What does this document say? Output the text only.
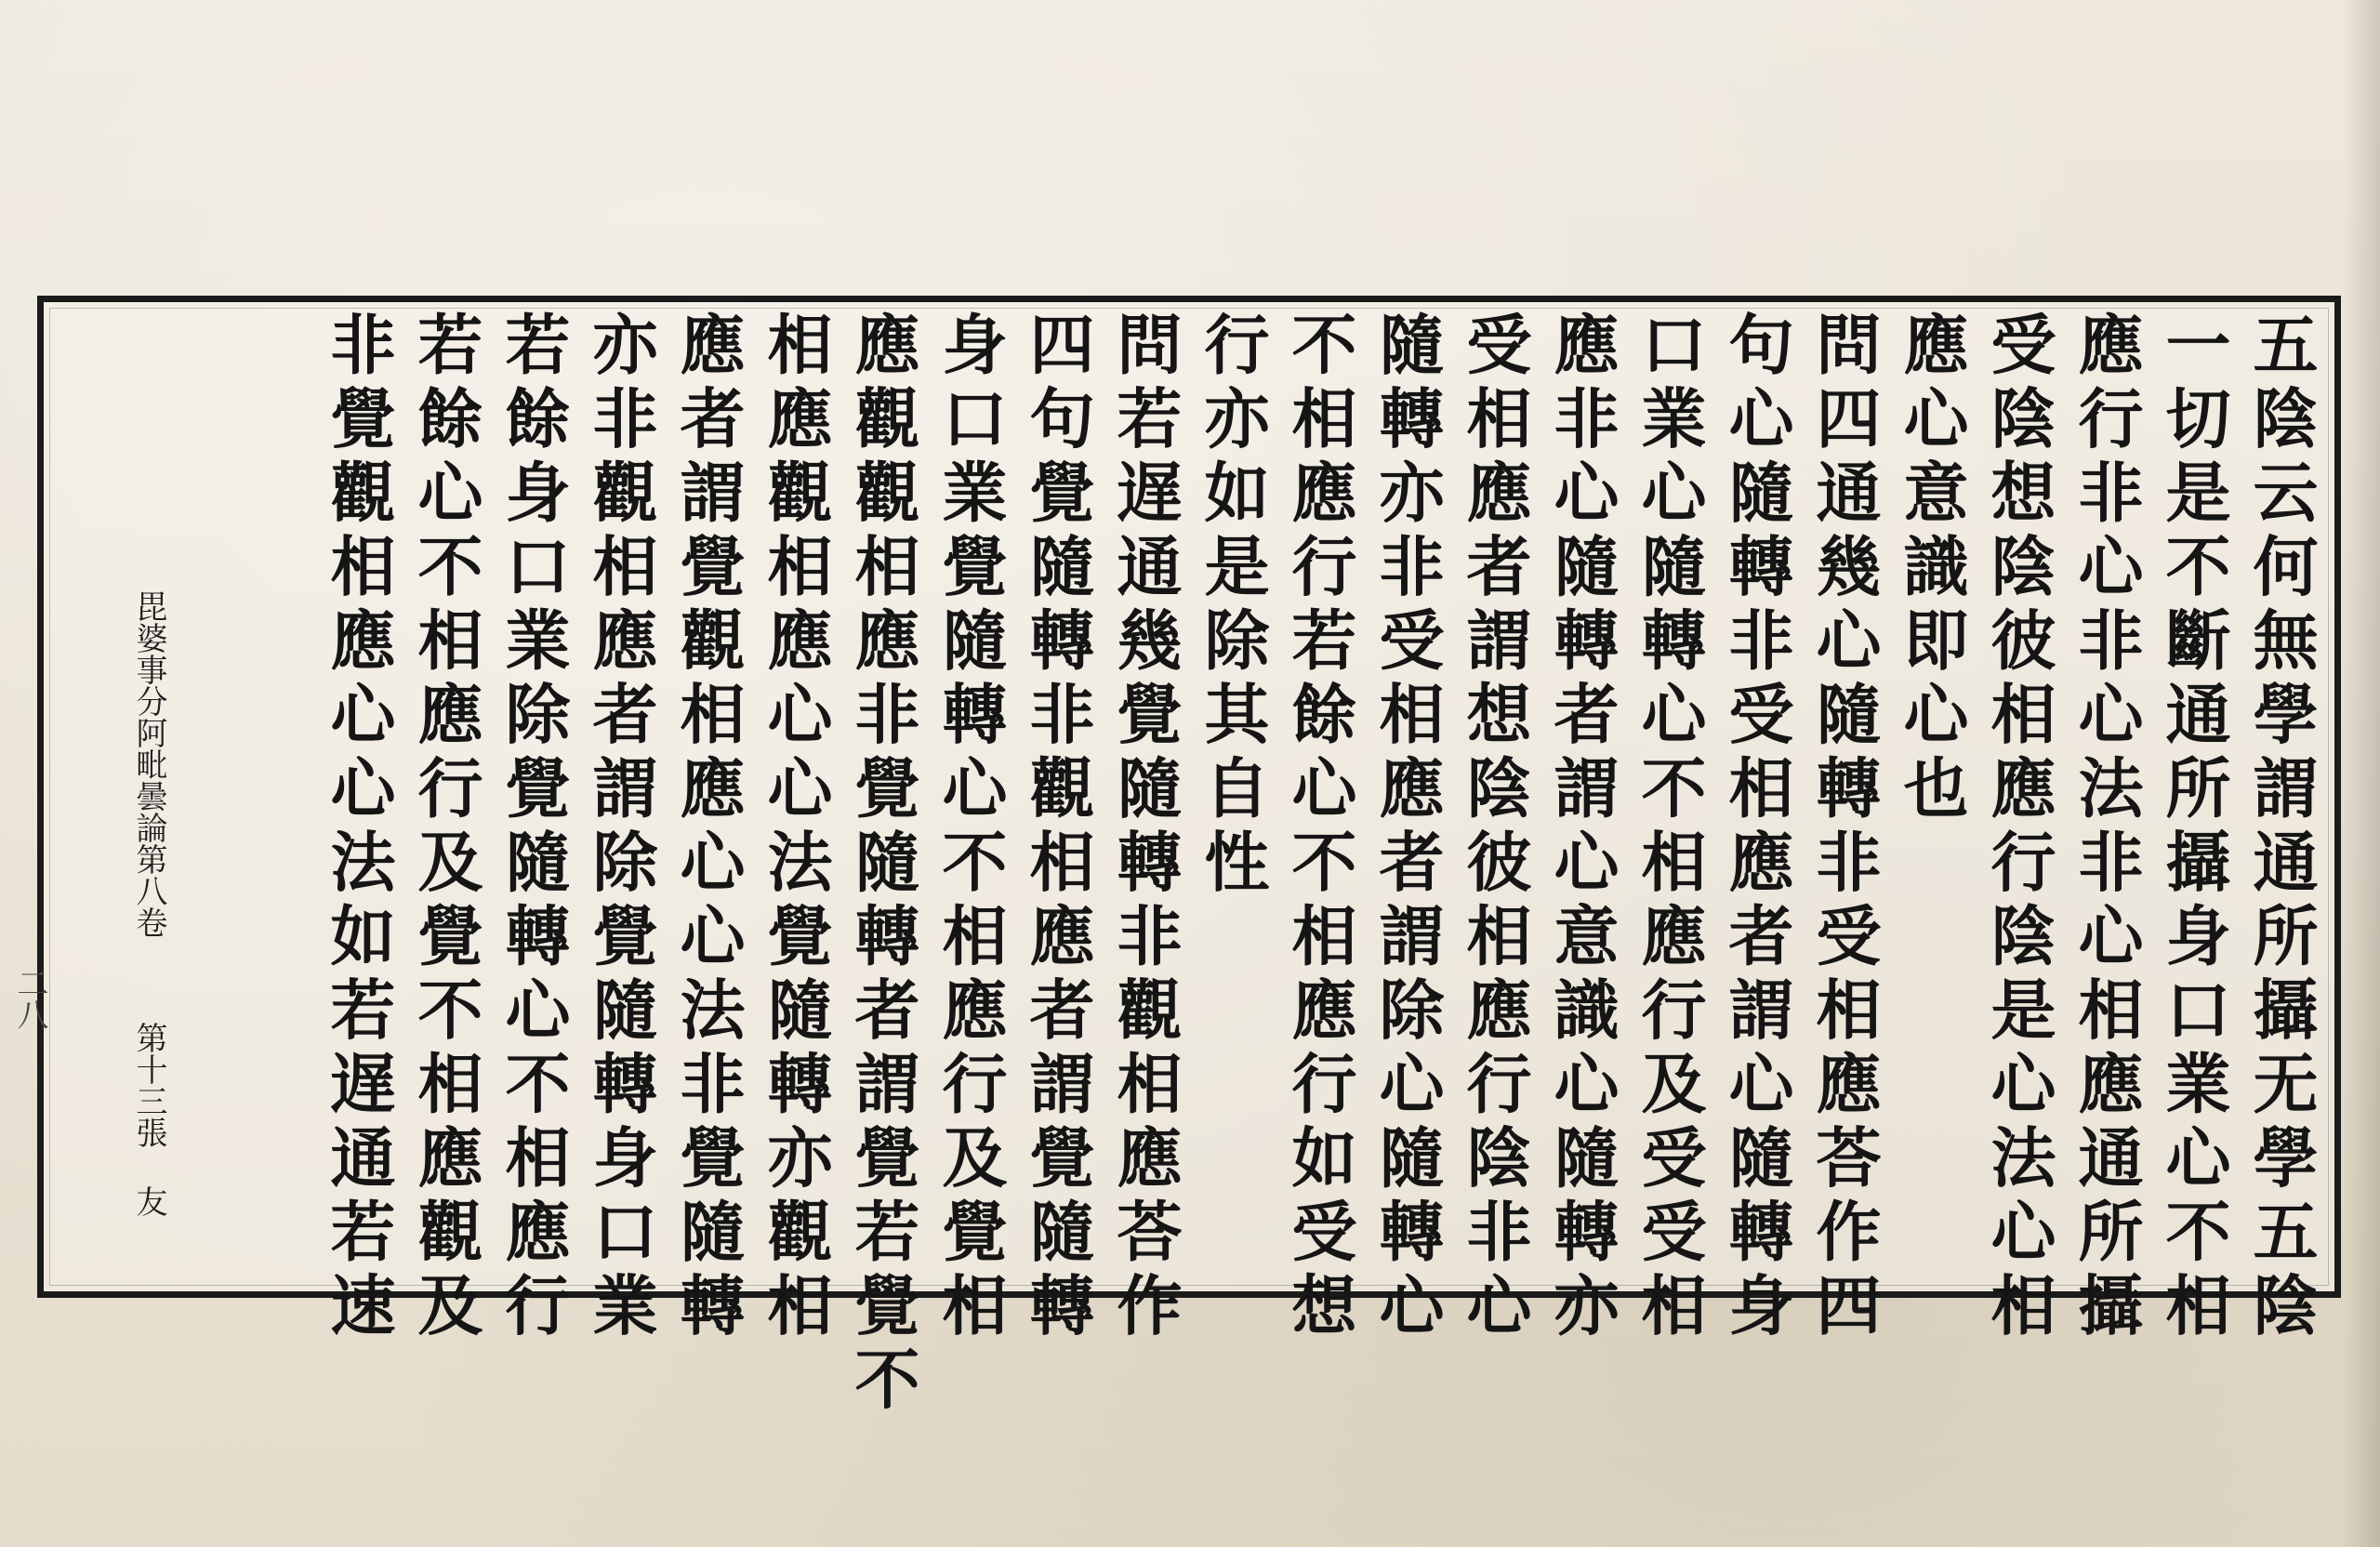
五陰云何無學謂通所攝无學五陰
一切是不斷通所攝身口業心不相
應行非心非心法非心相應通所攝
受陰想陰彼相應行陰是心法心相
應心意識即心也
問四通幾心隨轉非受相應荅作四
句心隨轉非受相應者謂心隨轉身
口業心隨轉心不相應行及受受相
應非心隨轉者謂心意識心隨轉亦
受相應者謂想陰彼相應行陰非心
隨轉亦非受相應者謂除心隨轉心
不相應行若餘心不相應行如受想
行亦如是除其自性
問若遅通幾覺隨轉非觀相應荅作
四句覺隨轉非觀相應者謂覺隨轉
身口業覺隨轉心不相應行及覺相
應觀觀相應非覺隨轉者謂覺若覺不
相應觀相應心心法覺隨轉亦觀相
應者謂覺觀相應心心法非覺隨轉
亦非觀相應者謂除覺隨轉身口業
若餘身口業除覺隨轉心不相應行
若餘心不相應行及覺不相應觀及
非覺觀相應心心法如若遅通若速
毘婆事分阿毗曇論第八卷第十三張友
二八
